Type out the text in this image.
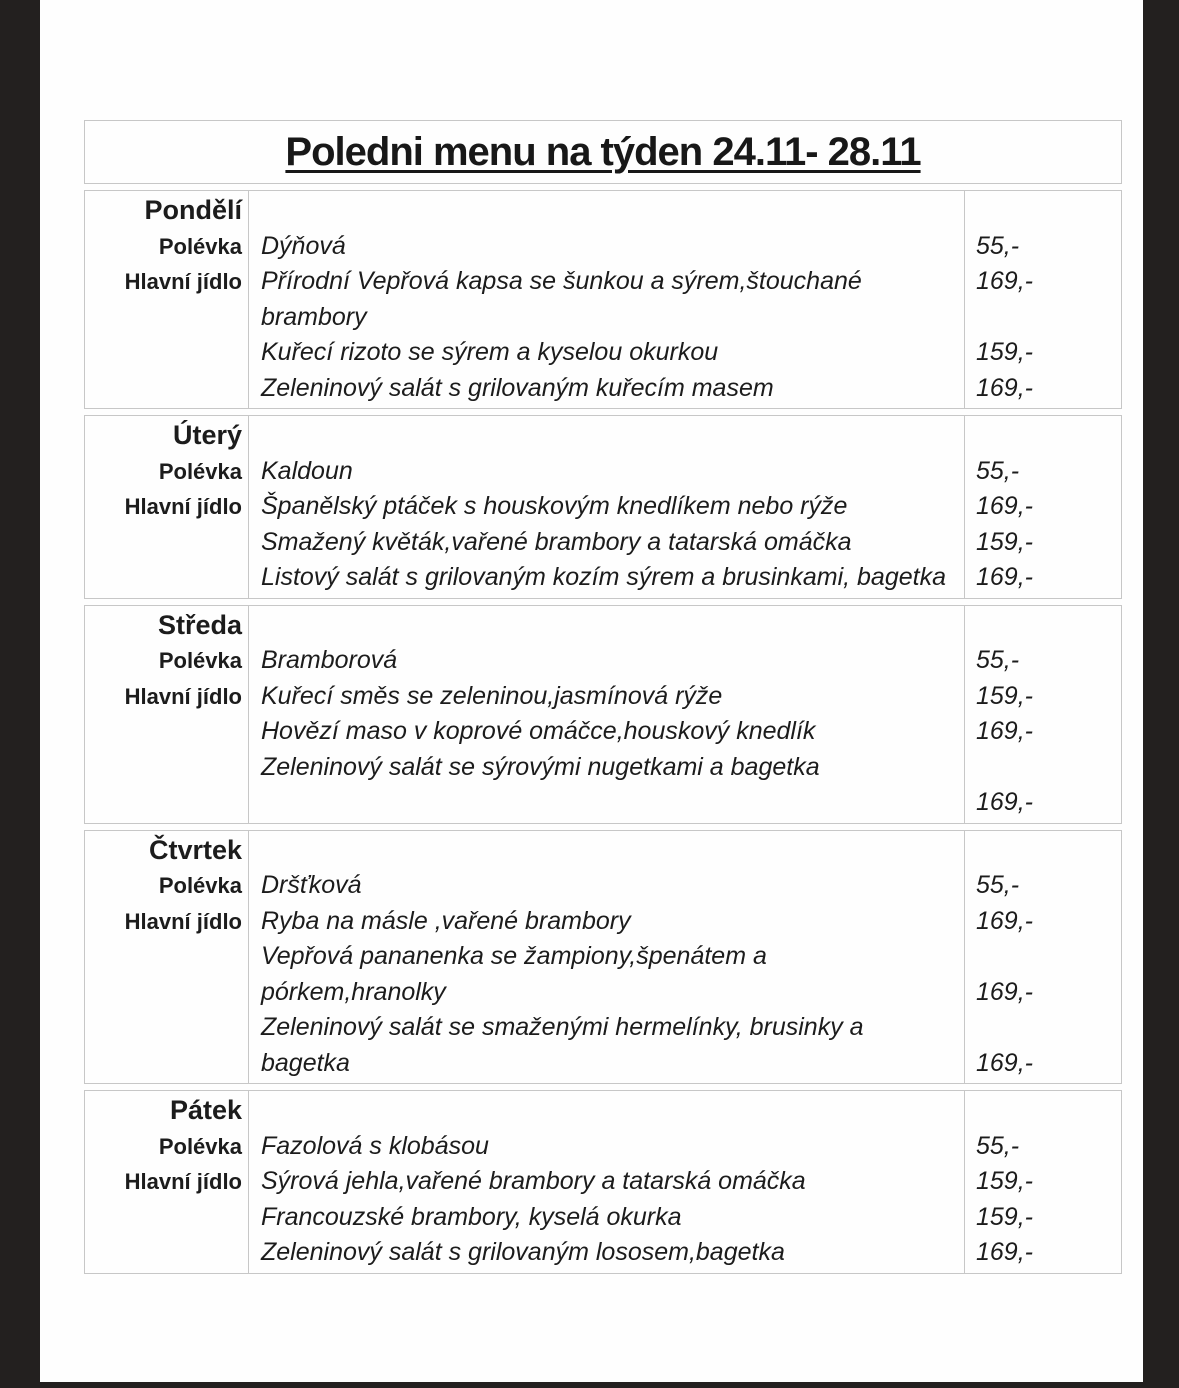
Poledni menu na týden 24.11- 28.11
Pondělí
Polévka
Hlavní jídlo

Dýňová
Přírodní Vepřová kapsa se šunkou a sýrem,štouchané
brambory
Kuřecí rizoto se sýrem a kyselou okurkou
Zeleninový salát s grilovaným kuřecím masem

55,-
169,-

159,-
169,-
Úterý
Polévka
Hlavní jídlo

Kaldoun
Španělský ptáček s houskovým knedlíkem nebo rýže
Smažený květák,vařené brambory a tatarská omáčka
Listový salát s grilovaným kozím sýrem a brusinkami, bagetka

55,-
169,-
159,-
169,-
Středa
Polévka
Hlavní jídlo

Bramborová
Kuřecí směs se zeleninou,jasmínová rýže
Hovězí maso v koprové omáčce,houskový knedlík
Zeleninový salát se sýrovými nugetkami a bagetka

55,-
159,-
169,-

169,-
Čtvrtek
Polévka
Hlavní jídlo

Dršťková
Ryba na másle ,vařené brambory
Vepřová pananenka se žampiony,špenátem a
pórkem,hranolky
Zeleninový salát se smaženými hermelínky, brusinky a
bagetka

55,-
169,-

169,-

169,-
Pátek
Polévka
Hlavní jídlo

Fazolová s klobásou
Sýrová jehla,vařené brambory a tatarská omáčka
Francouzské brambory, kyselá okurka
Zeleninový salát s grilovaným lososem,bagetka

55,-
159,-
159,-
169,-
